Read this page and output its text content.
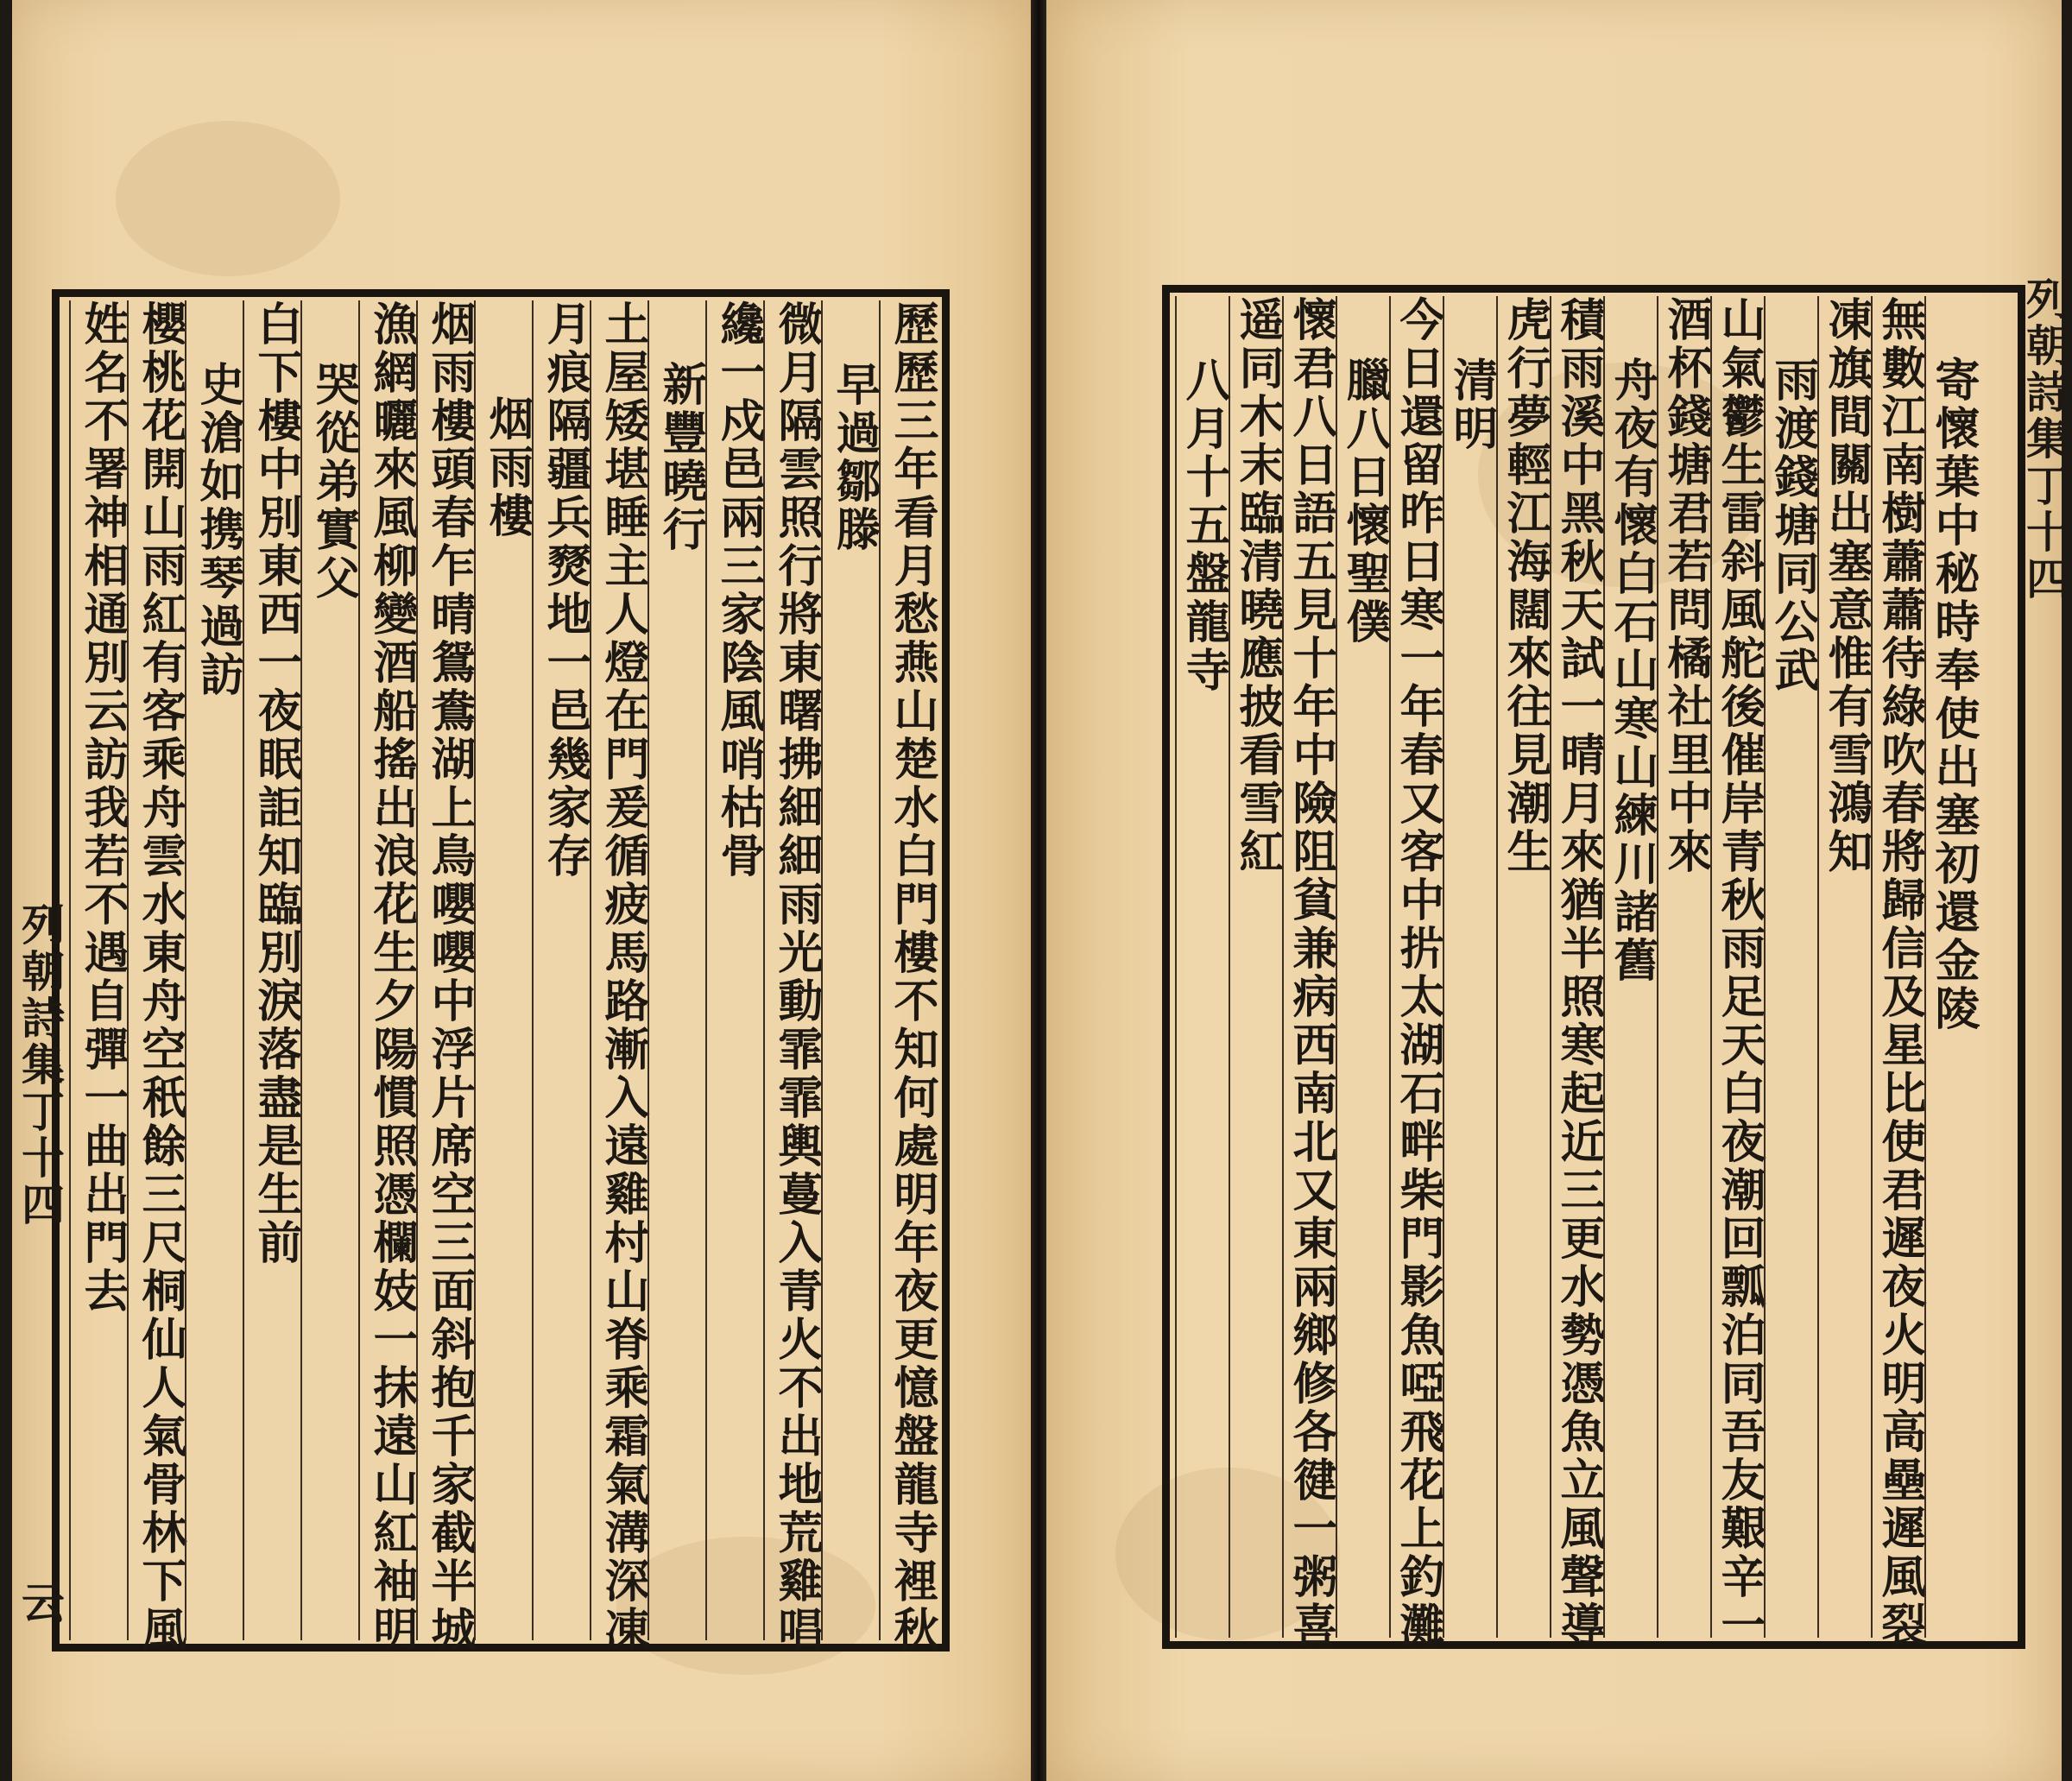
歷歷三年看月愁燕山楚水白門樓不知何處明年夜更憶盤龍寺裡秋
早過鄒滕
微月隔雲照行將東曙拂細細雨光動霏霏輿蔓入青火不出地荒雞唱
纔一戍邑兩三家陰風哨枯骨
新豐曉行
土屋矮堪睡主人燈在門爰循疲馬路漸入遠雞村山脊乘霜氣溝深凍
月痕隔疆兵燹地一邑幾家存
烟雨樓
烟雨樓頭春乍晴鴛鴦湖上鳥嚶嚶中浮片席空三面斜抱千家截半城
漁網曬來風柳變酒船搖出浪花生夕陽慣照憑欄妓一抹遠山紅袖明
哭從弟實父
白下樓中別東西一夜眠詎知臨別淚落盡是生前
史滄如携琴過訪
櫻桃花開山雨紅有客乘舟雲水東舟空秖餘三尺桐仙人氣骨林下風
姓名不署神相通別云訪我若不遇自彈一曲出門去
列朝詩集丁十四
云
寄懷葉中秘時奉使出塞初還金陵
無數江南樹蕭蕭待綠吹春將歸信及星比使君遲夜火明高壘遲風裂
凍旗間關出塞意惟有雪鴻知
雨渡錢塘同公武
山氣鬱生雷斜風舵後催岸青秋雨足天白夜潮回瓢泊同吾友艱辛一
酒杯錢塘君若問橘社里中來
舟夜有懷白石山寒山練川諸舊
積雨溪中黑秋天試一晴月來猶半照寒起近三更水勢憑魚立風聲導
虎行夢輕江海闊來往見潮生
清明
今日還留昨日寒一年春又客中扸太湖石畔柴門影魚啞飛花上釣灘
臘八日懷聖僕
懷君八日語五見十年中險阻貧兼病西南北又東兩鄉修各徤一粥喜
遥同木末臨清曉應披看雪紅
八月十五盤龍寺	列朝詩集丁十四
